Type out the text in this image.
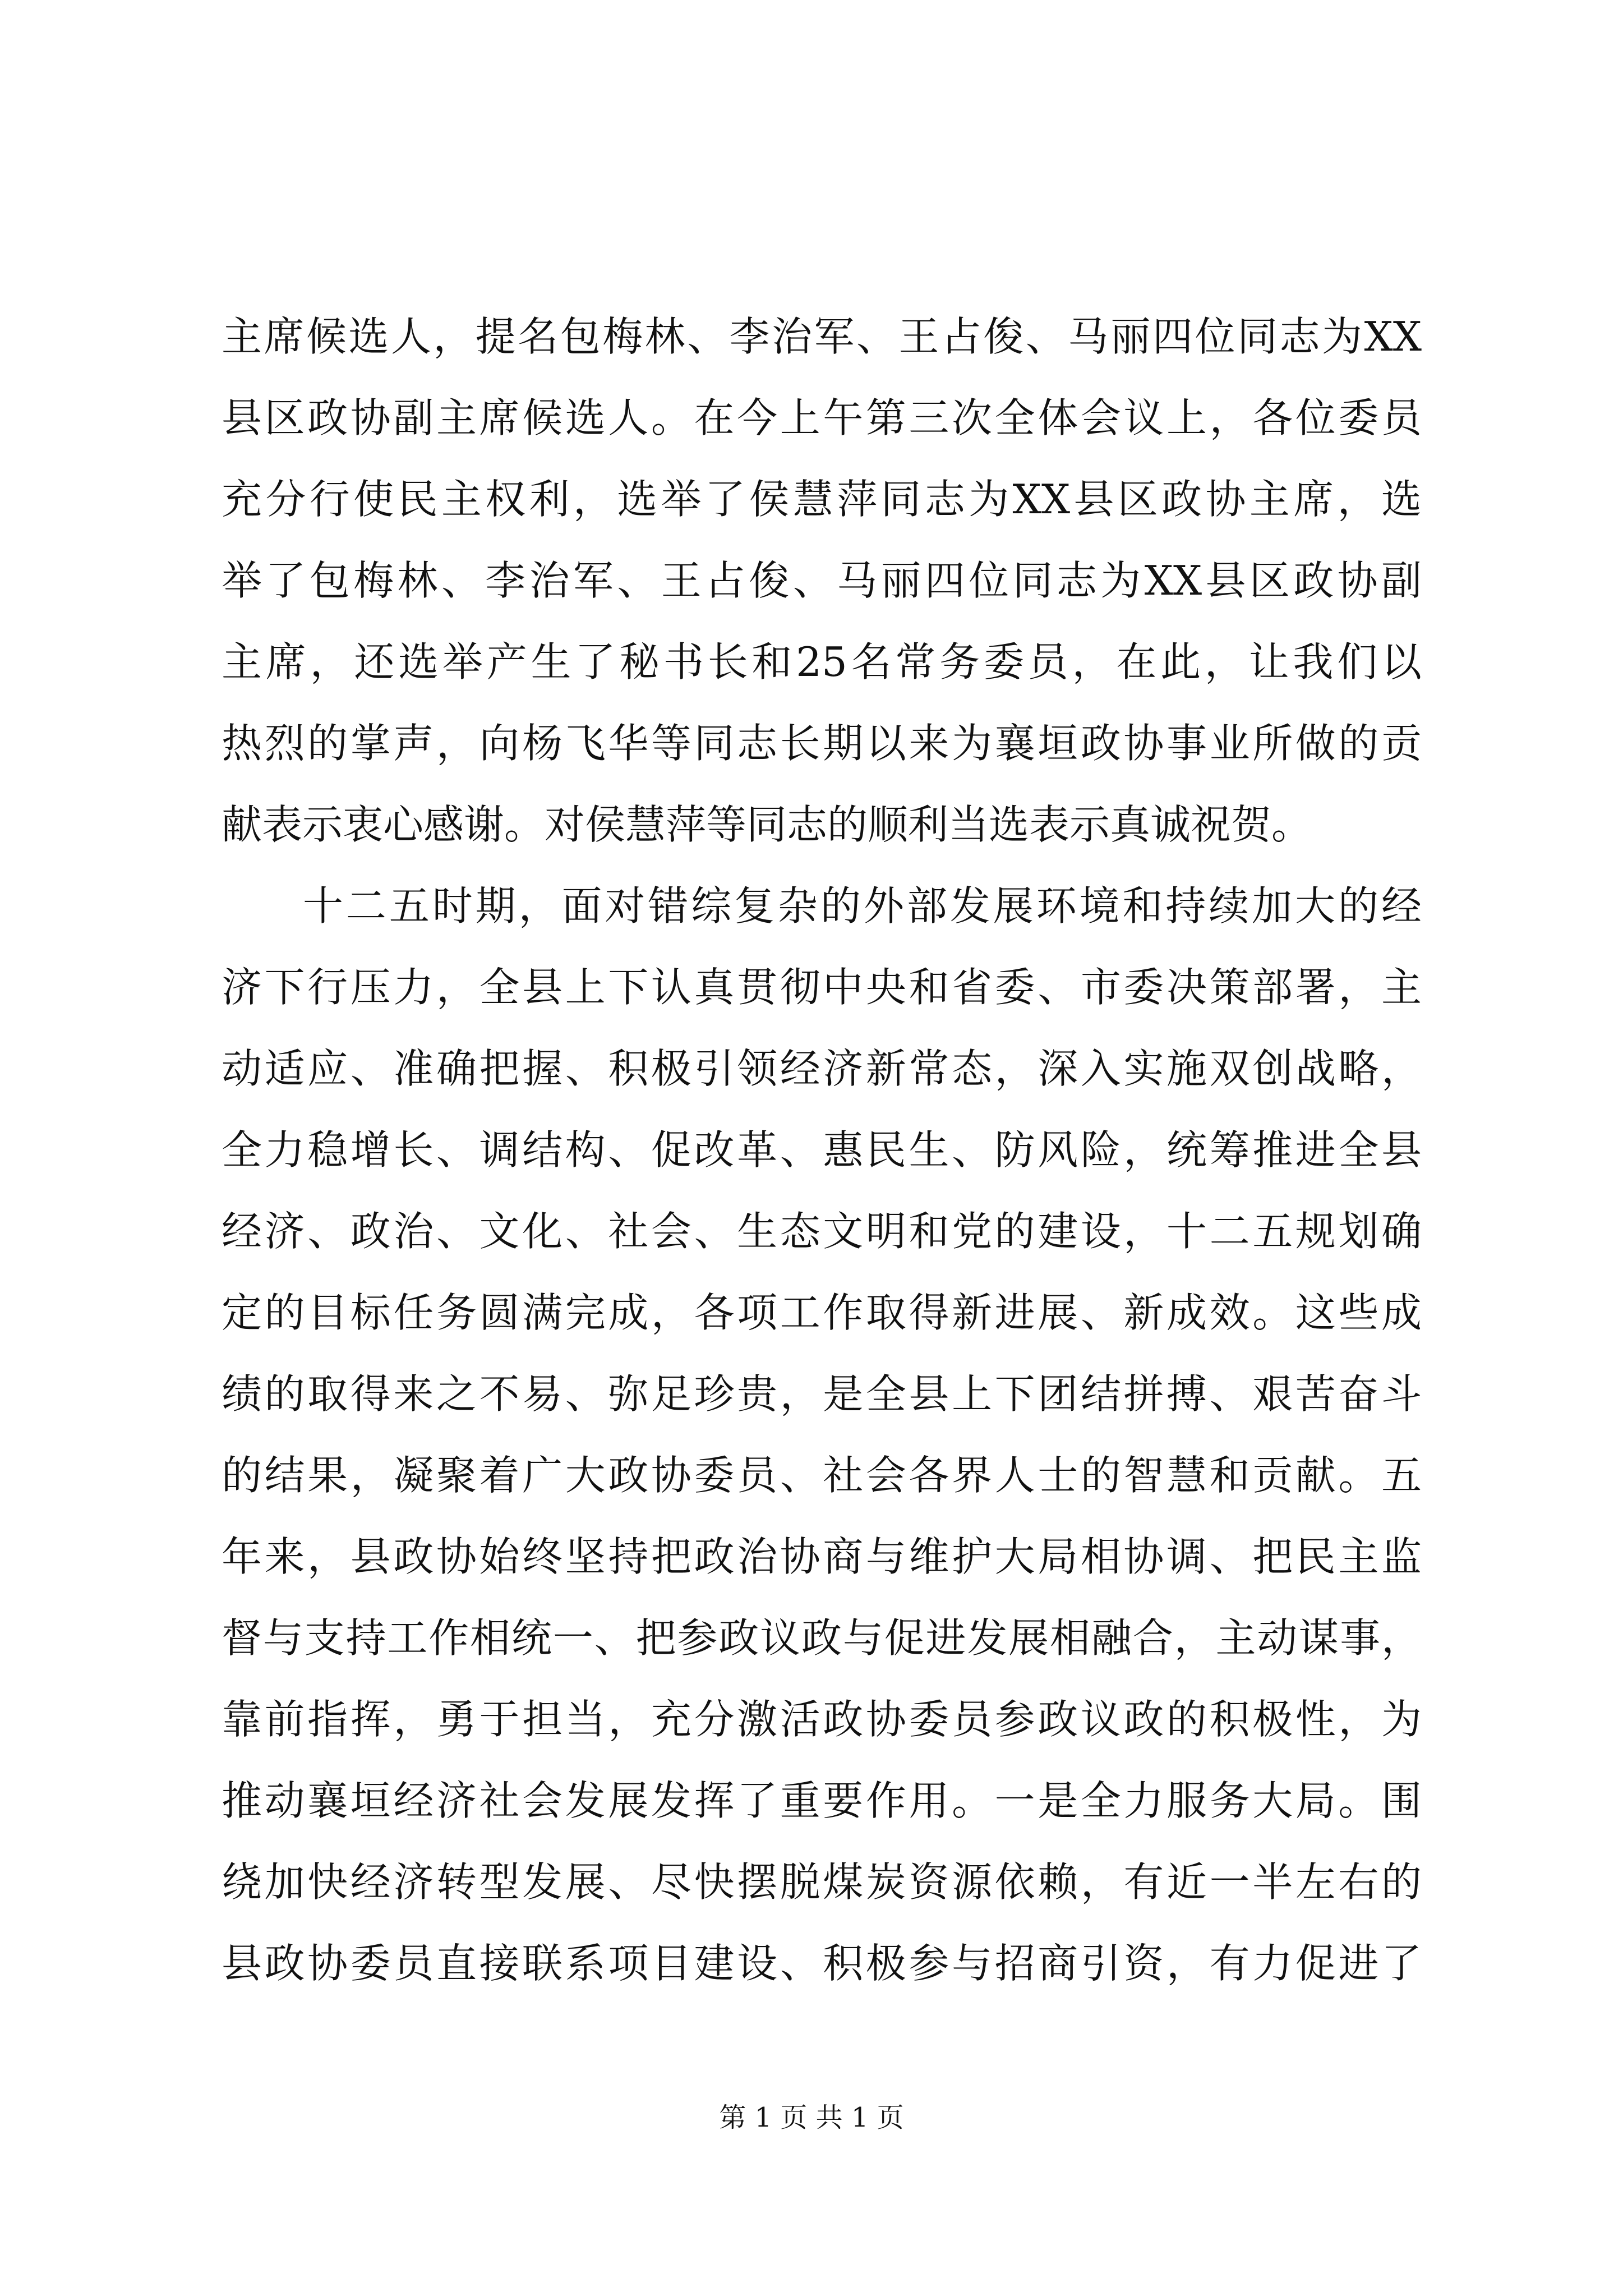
主席候选人，提名包梅林、李治军、王占俊、马丽四位同志为XX
县区政协副主席候选人。在今上午第三次全体会议上，各位委员
充分行使民主权利，选举了侯慧萍同志为XX县区政协主席，选
举了包梅林、李治军、王占俊、马丽四位同志为XX县区政协副
主席，还选举产生了秘书长和25名常务委员，在此，让我们以
热烈的掌声，向杨飞华等同志长期以来为襄垣政协事业所做的贡
献表示衷心感谢。对侯慧萍等同志的顺利当选表示真诚祝贺。
十二五时期，面对错综复杂的外部发展环境和持续加大的经
济下行压力，全县上下认真贯彻中央和省委、市委决策部署，主
动适应、准确把握、积极引领经济新常态，深入实施双创战略，
全力稳增长、调结构、促改革、惠民生、防风险，统筹推进全县
经济、政治、文化、社会、生态文明和党的建设，十二五规划确
定的目标任务圆满完成，各项工作取得新进展、新成效。这些成
绩的取得来之不易、弥足珍贵，是全县上下团结拼搏、艰苦奋斗
的结果，凝聚着广大政协委员、社会各界人士的智慧和贡献。五
年来，县政协始终坚持把政治协商与维护大局相协调、把民主监
督与支持工作相统一、把参政议政与促进发展相融合，主动谋事，
靠前指挥，勇于担当，充分激活政协委员参政议政的积极性，为
推动襄垣经济社会发展发挥了重要作用。一是全力服务大局。围
绕加快经济转型发展、尽快摆脱煤炭资源依赖，有近一半左右的
县政协委员直接联系项目建设、积极参与招商引资，有力促进了
第 1 页 共 1 页
